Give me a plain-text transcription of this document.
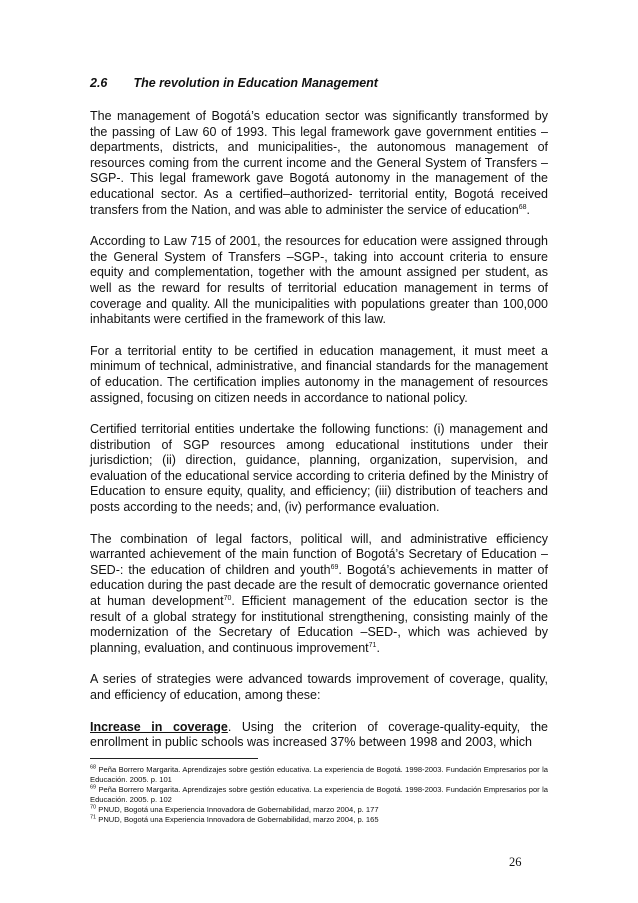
2.6 The revolution in Education Management

The management of Bogotá’s education sector was significantly transformed by the passing of Law 60 of 1993. This legal framework gave government entities – departments, districts, and municipalities-, the autonomous management of resources coming from the current income and the General System of Transfers –SGP-. This legal framework gave Bogotá autonomy in the management of the educational sector. As a certified–authorized- territorial entity, Bogotá received transfers from the Nation, and was able to administer the service of education$^{68}$.

According to Law 715 of 2001, the resources for education were assigned through the General System of Transfers –SGP-, taking into account criteria to ensure equity and complementation, together with the amount assigned per student, as well as the reward for results of territorial education management in terms of coverage and quality. All the municipalities with populations greater than 100,000 inhabitants were certified in the framework of this law.

For a territorial entity to be certified in education management, it must meet a minimum of technical, administrative, and financial standards for the management of education. The certification implies autonomy in the management of resources assigned, focusing on citizen needs in accordance to national policy.

Certified territorial entities undertake the following functions: (i) management and distribution of SGP resources among educational institutions under their jurisdiction; (ii) direction, guidance, planning, organization, supervision, and evaluation of the educational service according to criteria defined by the Ministry of Education to ensure equity, quality, and efficiency; (iii) distribution of teachers and posts according to the needs; and, (iv) performance evaluation.

The combination of legal factors, political will, and administrative efficiency warranted achievement of the main function of Bogotá’s Secretary of Education –SED-: the education of children and youth$^{69}$. Bogotá’s achievements in matter of education during the past decade are the result of democratic governance oriented at human development$^{70}$. Efficient management of the education sector is the result of a global strategy for institutional strengthening, consisting mainly of the modernization of the Secretary of Education –SED-, which was achieved by planning, evaluation, and continuous improvement$^{71}$.

A series of strategies were advanced towards improvement of coverage, quality, and efficiency of education, among these:

Increase in coverage. Using the criterion of coverage-quality-equity, the enrollment in public schools was increased 37% between 1998 and 2003, which

$^{68}$ Peña Borrero Margarita. Aprendizajes sobre gestión educativa. La experiencia de Bogotá. 1998-2003. Fundación Empresarios por la Educación. 2005. p. 101

$^{69}$ Peña Borrero Margarita. Aprendizajes sobre gestión educativa. La experiencia de Bogotá. 1998-2003. Fundación Empresarios por la Educación. 2005. p. 102

$^{70}$ PNUD, Bogotá una Experiencia Innovadora de Gobernabilidad, marzo 2004, p. 177

$^{71}$ PNUD, Bogotá una Experiencia Innovadora de Gobernabilidad, marzo 2004, p. 165

26
